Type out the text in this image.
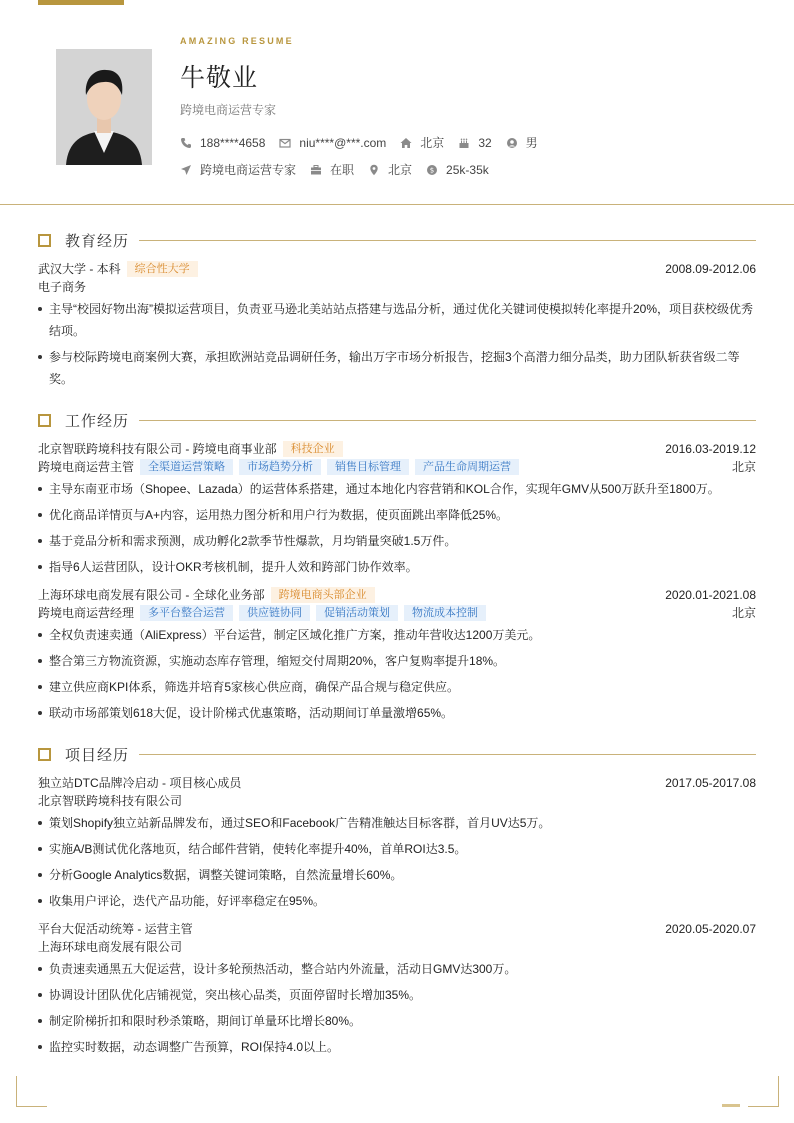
AMAZING RESUME
牛敬业
跨境电商运营专家
188****4658	niu****@***.com	北京	32	男
跨境电商运营专家	在职	北京	$ 25k-35k
教育经历
武汉大学 - 本科	综合性大学	2008.09-2012.06
电子商务
主导“校园好物出海”模拟运营项目，负责亚马逊北美站站点搭建与选品分析，通过优化关键词使模拟转化率提升20%，项目获校级优秀结项。
参与校际跨境电商案例大赛，承担欧洲站竞品调研任务，输出万字市场分析报告，挖掘3个高潜力细分品类，助力团队斩获省级二等奖。
工作经历
北京智联跨境科技有限公司 - 跨境电商事业部	科技企业	2016.03-2019.12
跨境电商运营主管	全渠道运营策略	市场趋势分析	销售目标管理	产品生命周期运营	北京
主导东南亚市场（Shopee、Lazada）的运营体系搭建，通过本地化内容营销和KOL合作，实现年GMV从500万跃升至1800万。
优化商品详情页与A+内容，运用热力图分析和用户行为数据，使页面跳出率降低25%。
基于竞品分析和需求预测，成功孵化2款季节性爆款，月均销量突破1.5万件。
指导6人运营团队，设计OKR考核机制，提升人效和跨部门协作效率。
上海环球电商发展有限公司 - 全球化业务部	跨境电商头部企业	2020.01-2021.08
跨境电商运营经理	多平台整合运营	供应链协同	促销活动策划	物流成本控制	北京
全权负责速卖通（AliExpress）平台运营，制定区域化推广方案，推动年营收达1200万美元。
整合第三方物流资源，实施动态库存管理，缩短交付周期20%，客户复购率提升18%。
建立供应商KPI体系，筛选并培育5家核心供应商，确保产品合规与稳定供应。
联动市场部策划618大促，设计阶梯式优惠策略，活动期间订单量激增65%。
项目经历
独立站DTC品牌冷启动 - 项目核心成员	2017.05-2017.08
北京智联跨境科技有限公司
策划Shopify独立站新品牌发布，通过SEO和Facebook广告精准触达目标客群，首月UV达5万。
实施A/B测试优化落地页，结合邮件营销，使转化率提升40%，首单ROI达3.5。
分析Google Analytics数据，调整关键词策略，自然流量增长60%。
收集用户评论，迭代产品功能，好评率稳定在95%。
平台大促活动统筹 - 运营主管	2020.05-2020.07
上海环球电商发展有限公司
负责速卖通黑五大促运营，设计多轮预热活动，整合站内外流量，活动日GMV达300万。
协调设计团队优化店铺视觉，突出核心品类，页面停留时长增加35%。
制定阶梯折扣和限时秒杀策略，期间订单量环比增长80%。
监控实时数据，动态调整广告预算，ROI保持4.0以上。
